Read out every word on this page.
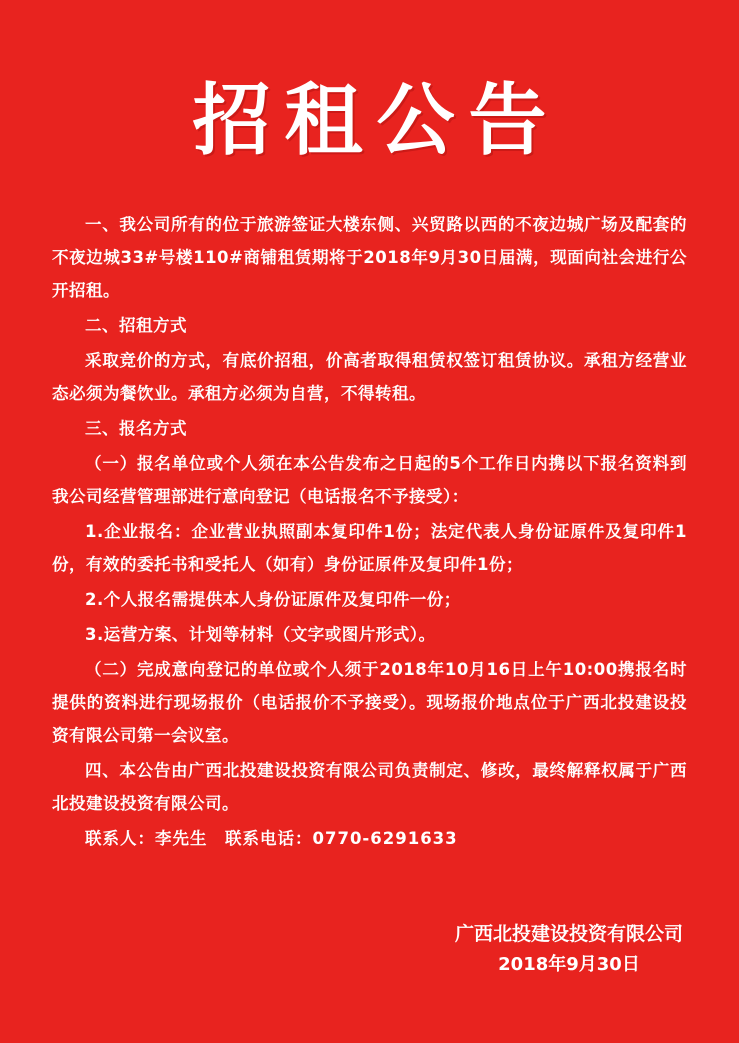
招租公告

一、我公司所有的位于旅游签证大楼东侧、兴贸路以西的不夜边城广场及配套的不夜边城33#号楼110#商铺租赁期将于2018年9月30日届满，现面向社会进行公开招租。

二、招租方式

采取竞价的方式，有底价招租，价高者取得租赁权签订租赁协议。承租方经营业态必须为餐饮业。承租方必须为自营，不得转租。

三、报名方式

（一）报名单位或个人须在本公告发布之日起的5个工作日内携以下报名资料到我公司经营管理部进行意向登记（电话报名不予接受）：

1.企业报名：企业营业执照副本复印件1份；法定代表人身份证原件及复印件1份，有效的委托书和受托人（如有）身份证原件及复印件1份；

2.个人报名需提供本人身份证原件及复印件一份；

3.运营方案、计划等材料（文字或图片形式）。

（二）完成意向登记的单位或个人须于2018年10月16日上午10:00携报名时提供的资料进行现场报价（电话报价不予接受）。现场报价地点位于广西北投建设投资有限公司第一会议室。

四、本公告由广西北投建设投资有限公司负责制定、修改，最终解释权属于广西北投建设投资有限公司。

联系人：李先生　联系电话：0770-6291633

广西北投建设投资有限公司
2018年9月30日
